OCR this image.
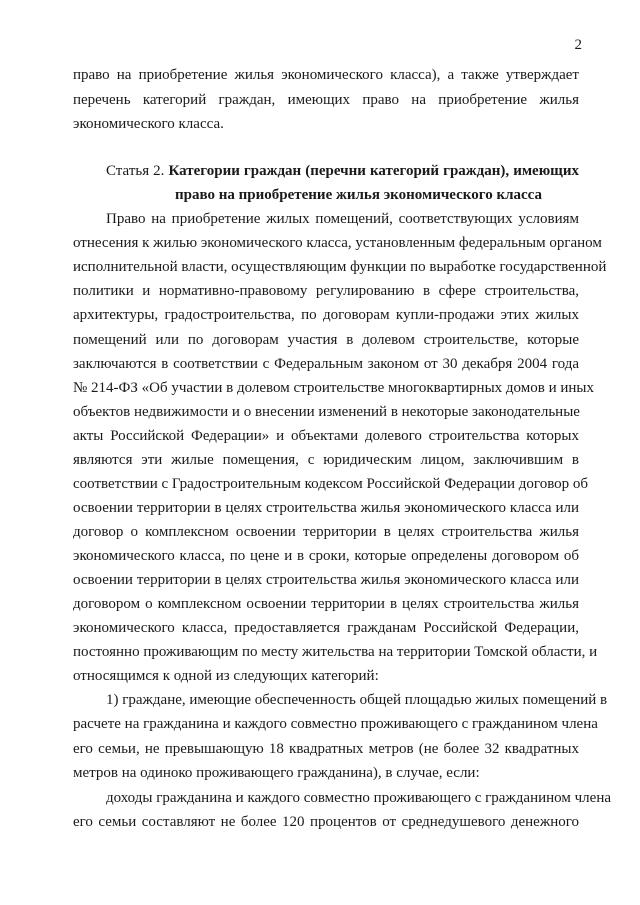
2
право на приобретение жилья экономического класса), а также утверждает
перечень категорий граждан, имеющих право на приобретение жилья
экономического класса.
Статья 2. Категории граждан (перечни категорий граждан), имеющих
право на приобретение жилья экономического класса
Право на приобретение жилых помещений, соответствующих условиям
отнесения к жилью экономического класса, установленным федеральным органом
исполнительной власти, осуществляющим функции по выработке государственной
политики и нормативно-правовому регулированию в сфере строительства,
архитектуры, градостроительства, по договорам купли-продажи этих жилых
помещений или по договорам участия в долевом строительстве, которые
заключаются в соответствии с Федеральным законом от 30 декабря 2004 года
№ 214-ФЗ «Об участии в долевом строительстве многоквартирных домов и иных
объектов недвижимости и о внесении изменений в некоторые законодательные
акты Российской Федерации» и объектами долевого строительства которых
являются эти жилые помещения, с юридическим лицом, заключившим в
соответствии с Градостроительным кодексом Российской Федерации договор об
освоении территории в целях строительства жилья экономического класса или
договор о комплексном освоении территории в целях строительства жилья
экономического класса, по цене и в сроки, которые определены договором об
освоении территории в целях строительства жилья экономического класса или
договором о комплексном освоении территории в целях строительства жилья
экономического класса, предоставляется гражданам Российской Федерации,
постоянно проживающим по месту жительства на территории Томской области, и
относящимся к одной из следующих категорий:
1) граждане, имеющие обеспеченность общей площадью жилых помещений в
расчете на гражданина и каждого совместно проживающего с гражданином члена
его семьи, не превышающую 18 квадратных метров (не более 32 квадратных
метров на одиноко проживающего гражданина), в случае, если:
доходы гражданина и каждого совместно проживающего с гражданином члена
его семьи составляют не более 120 процентов от среднедушевого денежного
